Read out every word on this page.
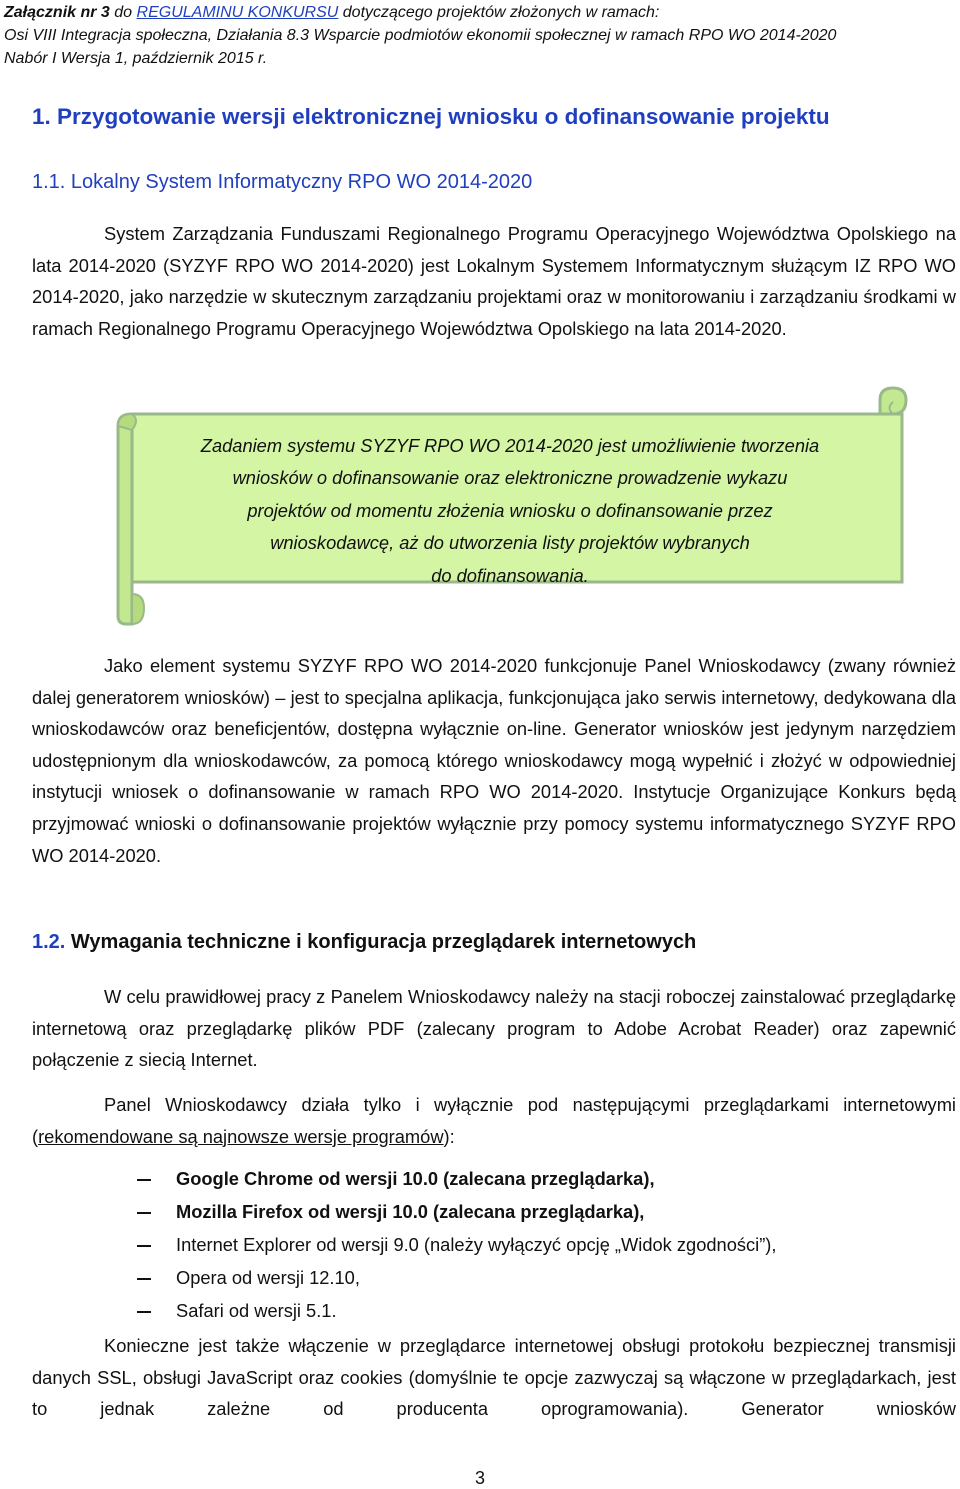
Załącznik nr 3 do REGULAMINU KONKURSU dotyczącego projektów złożonych w ramach:
Osi VIII Integracja społeczna, Działania 8.3 Wsparcie podmiotów ekonomii społecznej w ramach RPO WO 2014-2020
Nabór I Wersja 1, październik 2015 r.
1. Przygotowanie wersji elektronicznej wniosku o dofinansowanie projektu
1.1. Lokalny System Informatyczny RPO WO 2014-2020
System Zarządzania Funduszami Regionalnego Programu Operacyjnego Województwa Opolskiego na lata 2014-2020 (SYZYF RPO WO 2014-2020) jest Lokalnym Systemem Informatycznym służącym IZ RPO WO 2014-2020, jako narzędzie w skutecznym zarządzaniu projektami oraz w monitorowaniu i zarządzaniu środkami w ramach Regionalnego Programu Operacyjnego Województwa Opolskiego na lata 2014-2020.
Zadaniem systemu SYZYF RPO WO 2014-2020 jest umożliwienie tworzenia
wniosków o dofinansowanie oraz elektroniczne prowadzenie wykazu
projektów od momentu złożenia wniosku o dofinansowanie przez
wnioskodawcę, aż do utworzenia listy projektów wybranych
do dofinansowania.
Jako element systemu SYZYF RPO WO 2014-2020 funkcjonuje Panel Wnioskodawcy (zwany również dalej generatorem wniosków) – jest to specjalna aplikacja, funkcjonująca jako serwis internetowy, dedykowana dla wnioskodawców oraz beneficjentów, dostępna wyłącznie on-line. Generator wniosków jest jedynym narzędziem udostępnionym dla wnioskodawców, za pomocą którego wnioskodawcy mogą wypełnić i złożyć w odpowiedniej instytucji wniosek o dofinansowanie w ramach RPO WO 2014-2020. Instytucje Organizujące Konkurs będą przyjmować wnioski o dofinansowanie projektów wyłącznie przy pomocy systemu informatycznego SYZYF RPO WO 2014-2020.
1.2. Wymagania techniczne i konfiguracja przeglądarek internetowych
W celu prawidłowej pracy z Panelem Wnioskodawcy należy na stacji roboczej zainstalować przeglądarkę internetową oraz przeglądarkę plików PDF (zalecany program to Adobe Acrobat Reader) oraz zapewnić połączenie z siecią Internet.
Panel Wnioskodawcy działa tylko i wyłącznie pod następującymi przeglądarkami internetowymi (rekomendowane są najnowsze wersje programów):
Google Chrome od wersji 10.0 (zalecana przeglądarka),
Mozilla Firefox od wersji 10.0 (zalecana przeglądarka),
Internet Explorer od wersji 9.0 (należy wyłączyć opcję „Widok zgodności”),
Opera od wersji 12.10,
Safari od wersji 5.1.
Konieczne jest także włączenie w przeglądarce internetowej obsługi protokołu bezpiecznej transmisji danych SSL, obsługi JavaScript oraz cookies (domyślnie te opcje zazwyczaj są włączone w przeglądarkach, jest to jednak zależne od producenta oprogramowania). Generator wniosków
3
